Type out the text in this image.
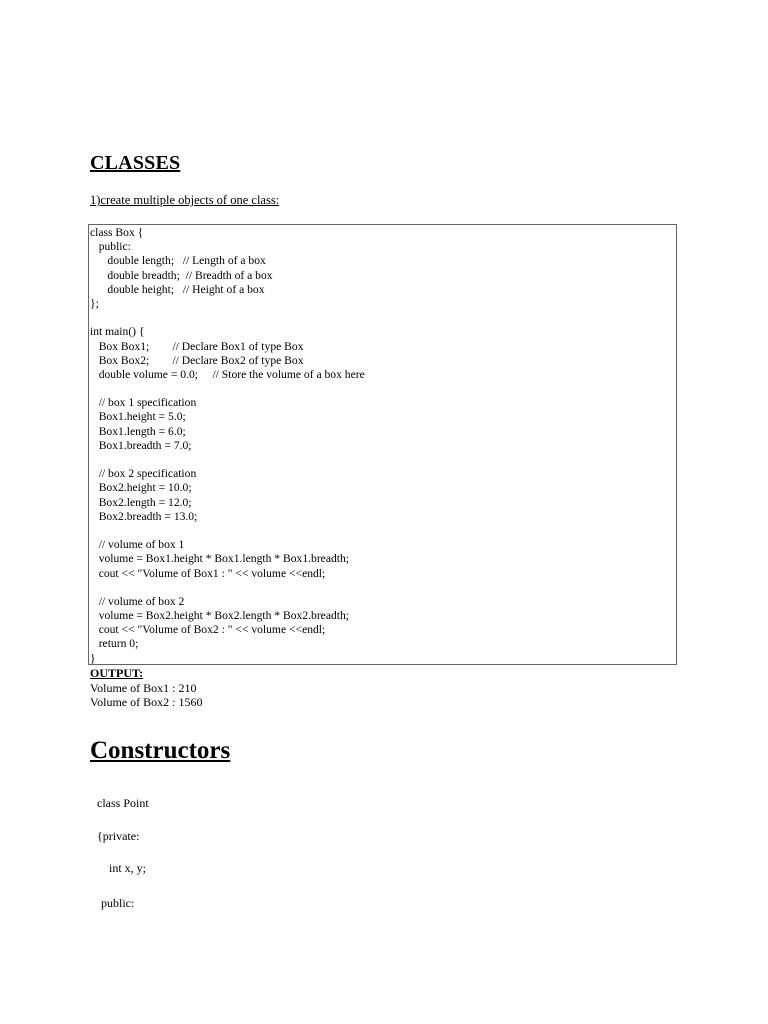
CLASSES
1)create multiple objects of one class:
class Box {
public:
double length;   // Length of a box
double breadth;  // Breadth of a box
double height;   // Height of a box
};
int main() {
Box Box1;        // Declare Box1 of type Box
Box Box2;        // Declare Box2 of type Box
double volume = 0.0;     // Store the volume of a box here
// box 1 specification
Box1.height = 5.0;
Box1.length = 6.0;
Box1.breadth = 7.0;
// box 2 specification
Box2.height = 10.0;
Box2.length = 12.0;
Box2.breadth = 13.0;
// volume of box 1
volume = Box1.height * Box1.length * Box1.breadth;
cout << "Volume of Box1 : " << volume <<endl;
// volume of box 2
volume = Box2.height * Box2.length * Box2.breadth;
cout << "Volume of Box2 : " << volume <<endl;
return 0;
}
OUTPUT:
Volume of Box1 : 210
Volume of Box2 : 1560
Constructors
class Point
{private:
int x, y;
public:
